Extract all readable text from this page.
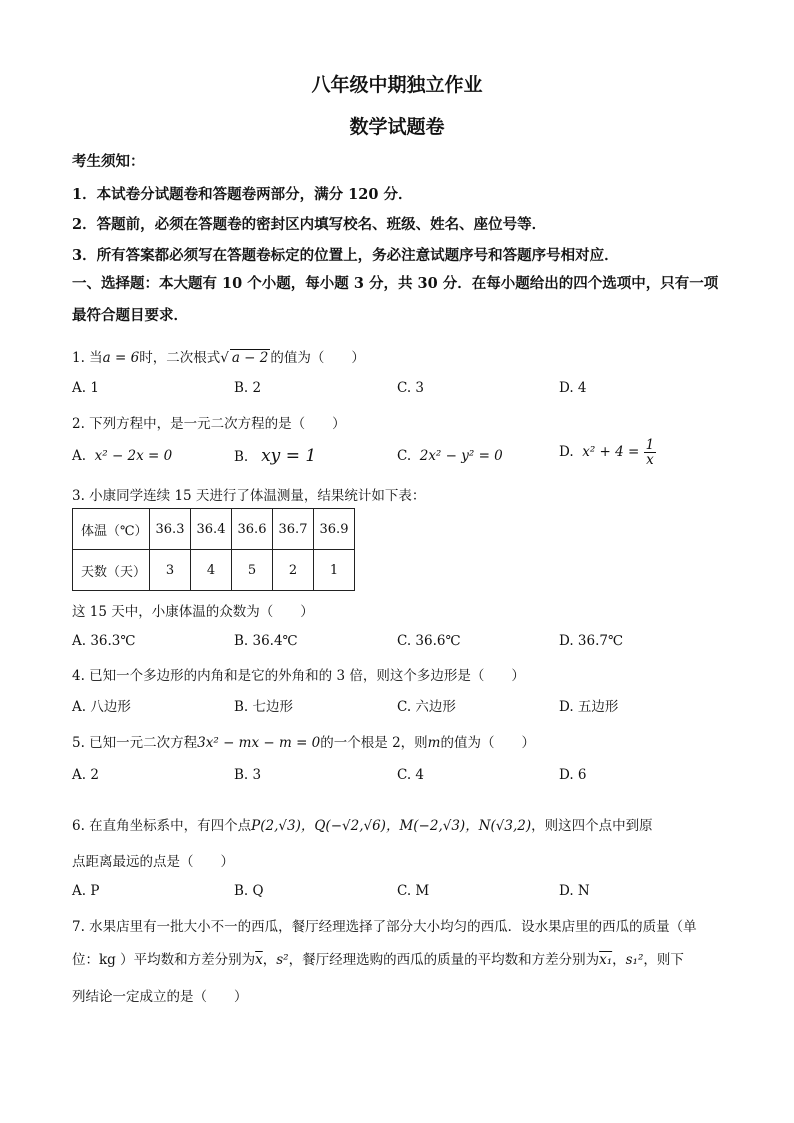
八年级中期独立作业
数学试题卷
考生须知：
1．本试卷分试题卷和答题卷两部分，满分 120 分．
2．答题前，必须在答题卷的密封区内填写校名、班级、姓名、座位号等．
3．所有答案都必须写在答题卷标定的位置上，务必注意试题序号和答题序号相对应．
一、选择题：本大题有 10 个小题，每小题 3 分，共 30 分．在每小题给出的四个选项中，只有一项最符合题目要求．
1. 当a = 6时，二次根式√ a − 2 的值为（　　）
A. 1	B. 2	C. 3	D. 4
2. 下列方程中，是一元二次方程的是（　　）
A. x² − 2x = 0	B. xy = 1	C. 2x² − y² = 0	D. $x^2 + 4 = \frac{1}{x}$
3. 小康同学连续 15 天进行了体温测量，结果统计如下表：
体温（℃）	36.3	36.4	36.6	36.7	36.9
天数（天）	3	4	5	2	1
这 15 天中，小康体温的众数为（　　）
A. 36.3℃	B. 36.4℃	C. 36.6℃	D. 36.7℃
4. 已知一个多边形的内角和是它的外角和的 3 倍，则这个多边形是（　　）
A. 八边形	B. 七边形	C. 六边形	D. 五边形
5. 已知一元二次方程3x² − mx − m = 0的一个根是 2，则m的值为（　　）
A. 2	B. 3	C. 4	D. 6
6. 在直角坐标系中，有四个点P(2,√3)，Q(−√2,√6)，M(−2,√3)，N(√3,2)，则这四个点中到原
点距离最远的点是（　　）
A. P	B. Q	C. M	D. N
7. 水果店里有一批大小不一的西瓜，餐厅经理选择了部分大小均匀的西瓜．设水果店里的西瓜的质量（单
位：kg ）平均数和方差分别为$\overline{x}$，s²，餐厅经理选购的西瓜的质量的平均数和方差分别为x₁，s₁²，则下
列结论一定成立的是（　　）
